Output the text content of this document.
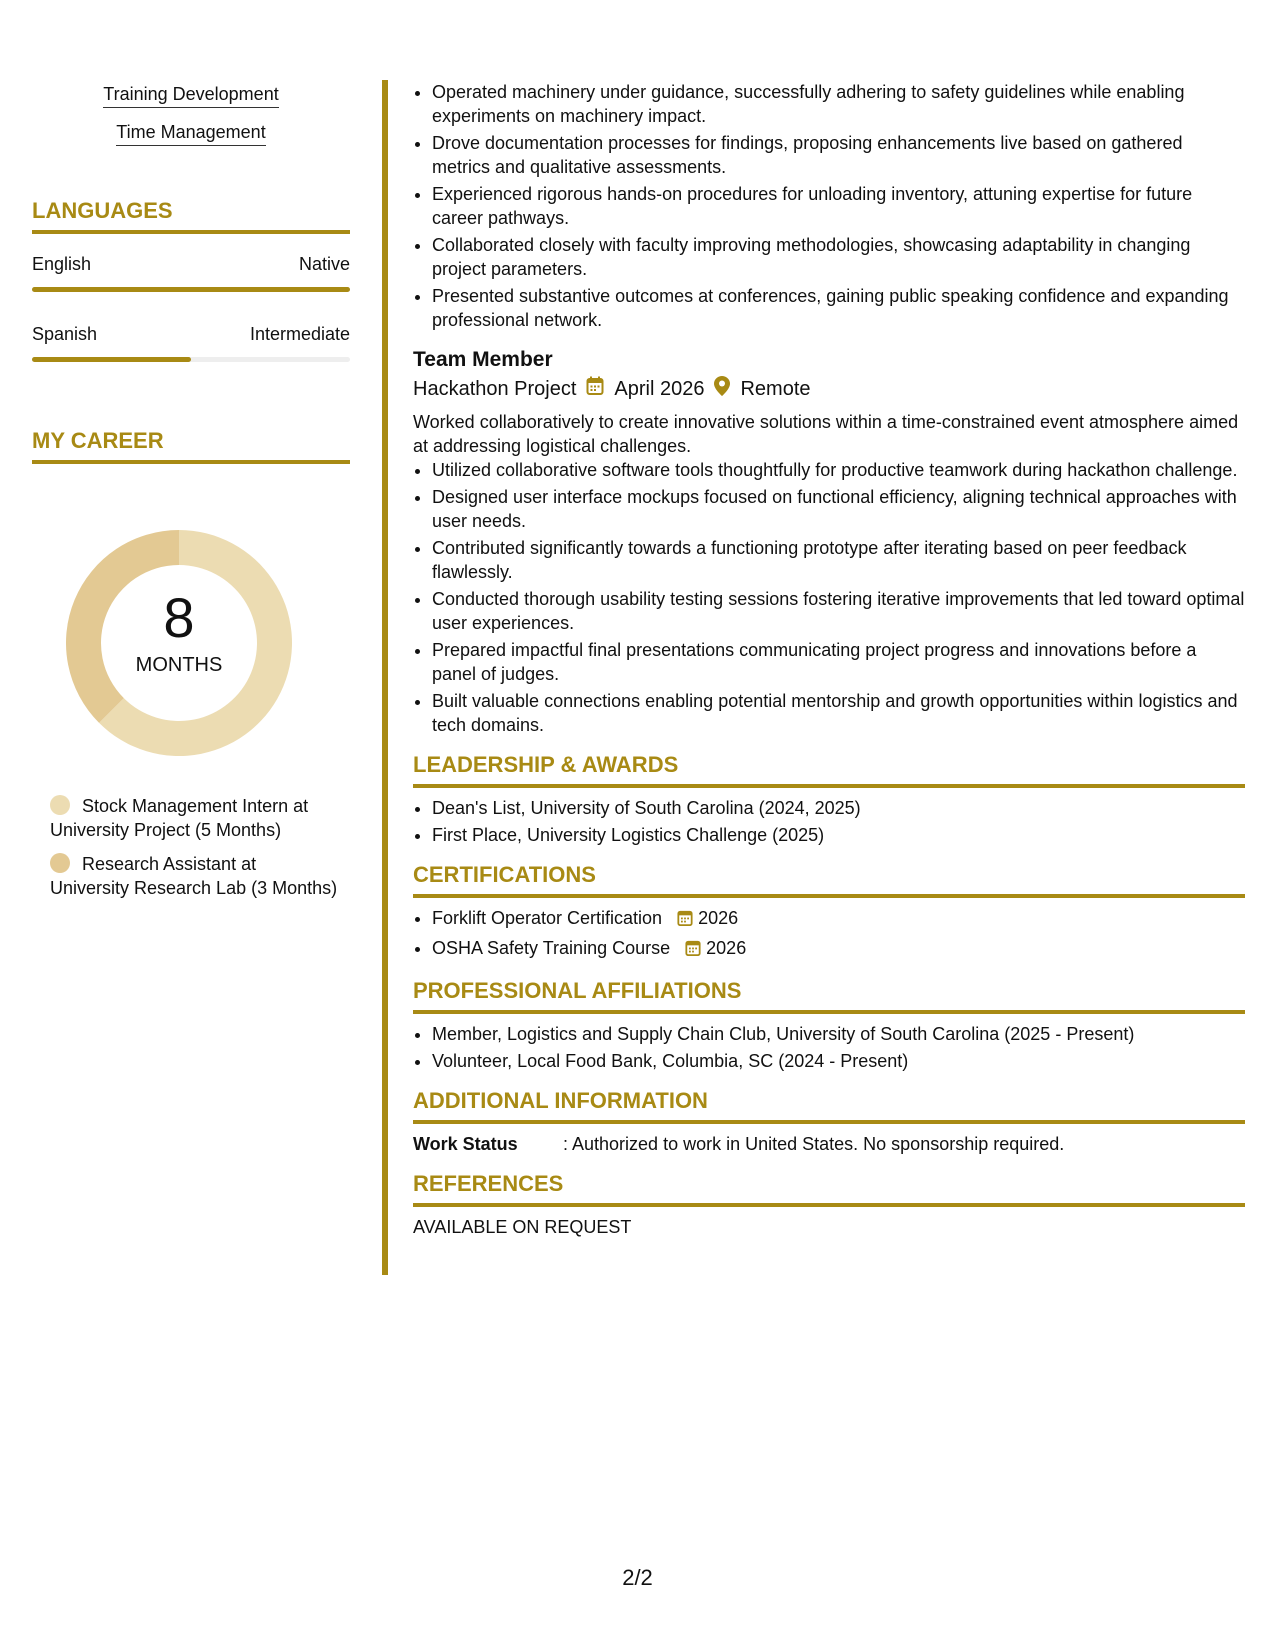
Training Development
Time Management
LANGUAGES
English	Native
Spanish	Intermediate
MY CAREER
8
MONTHS
Stock Management Intern at University Project (5 Months)
Research Assistant at University Research Lab (3 Months)
• Operated machinery under guidance, successfully adhering to safety guidelines while enabling experiments on machinery impact.
• Drove documentation processes for findings, proposing enhancements live based on gathered metrics and qualitative assessments.
• Experienced rigorous hands-on procedures for unloading inventory, attuning expertise for future career pathways.
• Collaborated closely with faculty improving methodologies, showcasing adaptability in changing project parameters.
• Presented substantive outcomes at conferences, gaining public speaking confidence and expanding professional network.
Team Member
Hackathon Project April 2026 Remote
Worked collaboratively to create innovative solutions within a time-constrained event atmosphere aimed at addressing logistical challenges.
• Utilized collaborative software tools thoughtfully for productive teamwork during hackathon challenge.
• Designed user interface mockups focused on functional efficiency, aligning technical approaches with user needs.
• Contributed significantly towards a functioning prototype after iterating based on peer feedback flawlessly.
• Conducted thorough usability testing sessions fostering iterative improvements that led toward optimal user experiences.
• Prepared impactful final presentations communicating project progress and innovations before a panel of judges.
• Built valuable connections enabling potential mentorship and growth opportunities within logistics and tech domains.
LEADERSHIP & AWARDS
• Dean's List, University of South Carolina (2024, 2025)
• First Place, University Logistics Challenge (2025)
CERTIFICATIONS
• Forklift Operator Certification 2026
• OSHA Safety Training Course 2026
PROFESSIONAL AFFILIATIONS
• Member, Logistics and Supply Chain Club, University of South Carolina (2025 - Present)
• Volunteer, Local Food Bank, Columbia, SC (2024 - Present)
ADDITIONAL INFORMATION
Work Status	: Authorized to work in United States. No sponsorship required.
REFERENCES
AVAILABLE ON REQUEST
2/2
